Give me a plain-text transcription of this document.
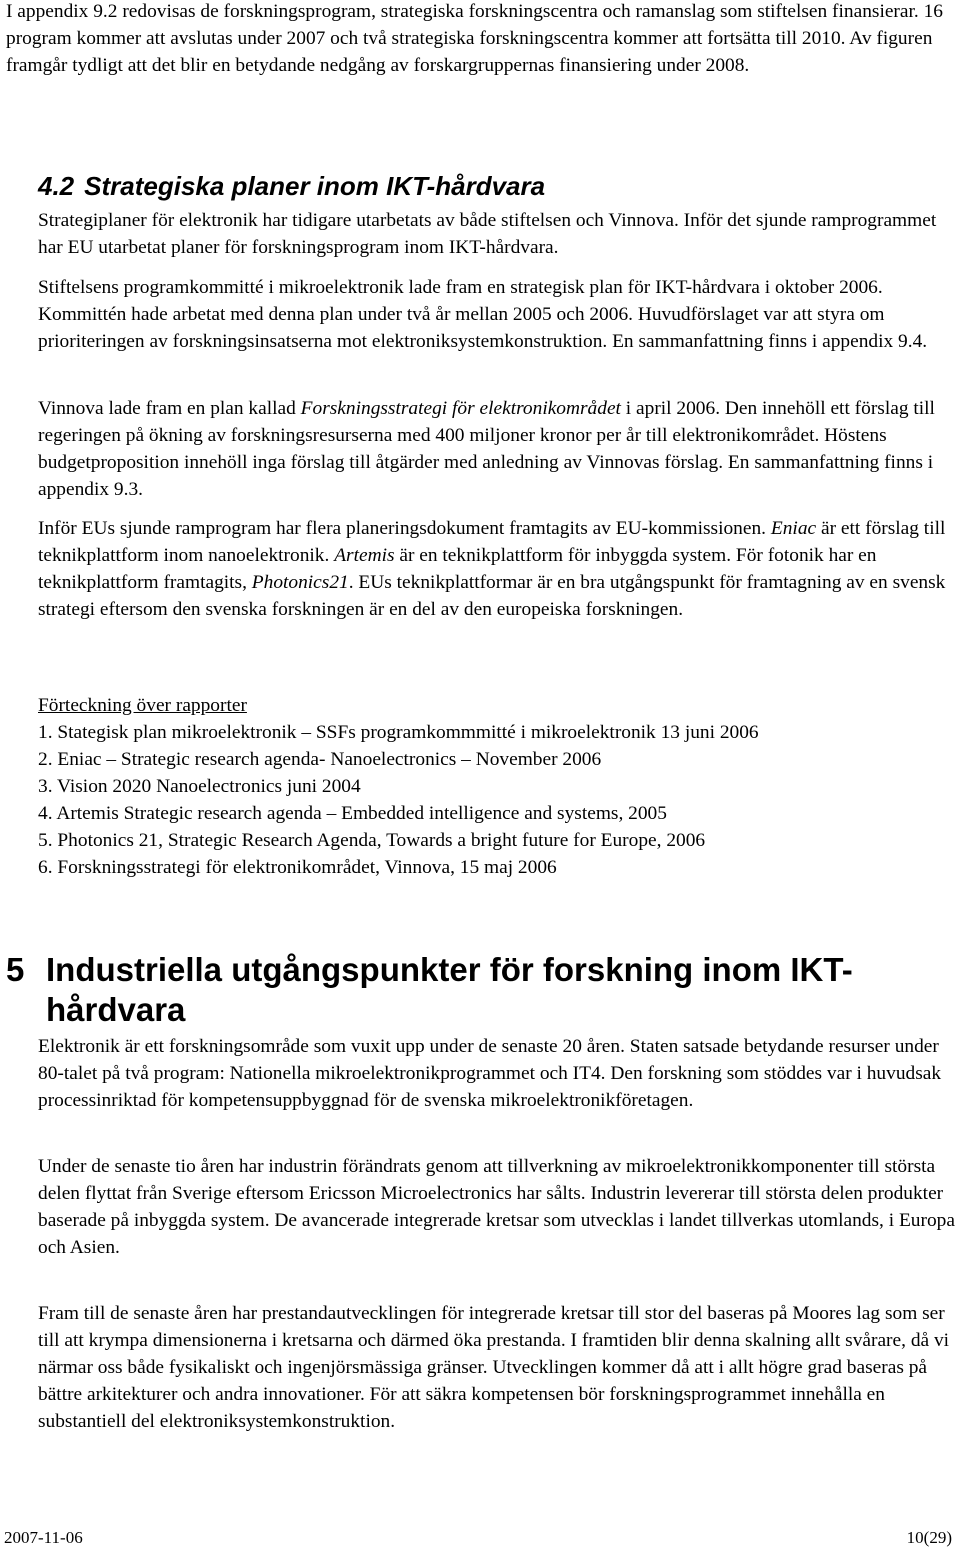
I appendix 9.2 redovisas de forskningsprogram, strategiska forskningscentra och ramanslag som stiftelsen finansierar. 16 program kommer att avslutas under 2007 och två strategiska forskningscentra kommer att fortsätta till 2010. Av figuren framgår tydligt att det blir en betydande nedgång av forskargruppernas finansiering under 2008.

4.2 Strategiska planer inom IKT-hårdvara

Strategiplaner för elektronik har tidigare utarbetats av både stiftelsen och Vinnova. Inför det sjunde ramprogrammet har EU utarbetat planer för forskningsprogram inom IKT-hårdvara.

Stiftelsens programkommitté i mikroelektronik lade fram en strategisk plan för IKT-hårdvara i oktober 2006. Kommittén hade arbetat med denna plan under två år mellan 2005 och 2006. Huvudförslaget var att styra om prioriteringen av forskningsinsatserna mot elektroniksystemkonstruktion. En sammanfattning finns i appendix 9.4.

Vinnova lade fram en plan kallad Forskningsstrategi för elektronikområdet i april 2006. Den innehöll ett förslag till regeringen på ökning av forskningsresurserna med 400 miljoner kronor per år till elektronikområdet. Höstens budgetproposition innehöll inga förslag till åtgärder med anledning av Vinnovas förslag. En sammanfattning finns i appendix 9.3.

Inför EUs sjunde ramprogram har flera planeringsdokument framtagits av EU-kommissionen. Eniac är ett förslag till teknikplattform inom nanoelektronik. Artemis är en teknikplattform för inbyggda system. För fotonik har en teknikplattform framtagits, Photonics21. EUs teknikplattformar är en bra utgångspunkt för framtagning av en svensk strategi eftersom den svenska forskningen är en del av den europeiska forskningen.

Förteckning över rapporter
1. Stategisk plan mikroelektronik – SSFs programkommmitté i mikroelektronik 13 juni 2006
2. Eniac – Strategic research agenda- Nanoelectronics – November 2006
3. Vision 2020 Nanoelectronics juni 2004
4. Artemis Strategic research agenda – Embedded intelligence and systems, 2005
5. Photonics 21, Strategic Research Agenda, Towards a bright future for Europe, 2006
6. Forskningsstrategi för elektronikområdet, Vinnova, 15 maj 2006
5 Industriella utgångspunkter för forskning inom IKT-hårdvara

Elektronik är ett forskningsområde som vuxit upp under de senaste 20 åren. Staten satsade betydande resurser under 80-talet på två program: Nationella mikroelektronikprogrammet och IT4. Den forskning som stöddes var i huvudsak processinriktad för kompetensuppbyggnad för de svenska mikroelektronikföretagen.

Under de senaste tio åren har industrin förändrats genom att tillverkning av mikroelektronikkomponenter till största delen flyttat från Sverige eftersom Ericsson Microelectronics har sålts. Industrin levererar till största delen produkter baserade på inbyggda system. De avancerade integrerade kretsar som utvecklas i landet tillverkas utomlands, i Europa och Asien.

Fram till de senaste åren har prestandautvecklingen för integrerade kretsar till stor del baseras på Moores lag som ser till att krympa dimensionerna i kretsarna och därmed öka prestanda. I framtiden blir denna skalning allt svårare, då vi närmar oss både fysikaliskt och ingenjörsmässiga gränser. Utvecklingen kommer då att i allt högre grad baseras på bättre arkitekturer och andra innovationer. För att säkra kompetensen bör forskningsprogrammet innehålla en substantiell del elektroniksystemkonstruktion.

2007-11-06	10(29)
